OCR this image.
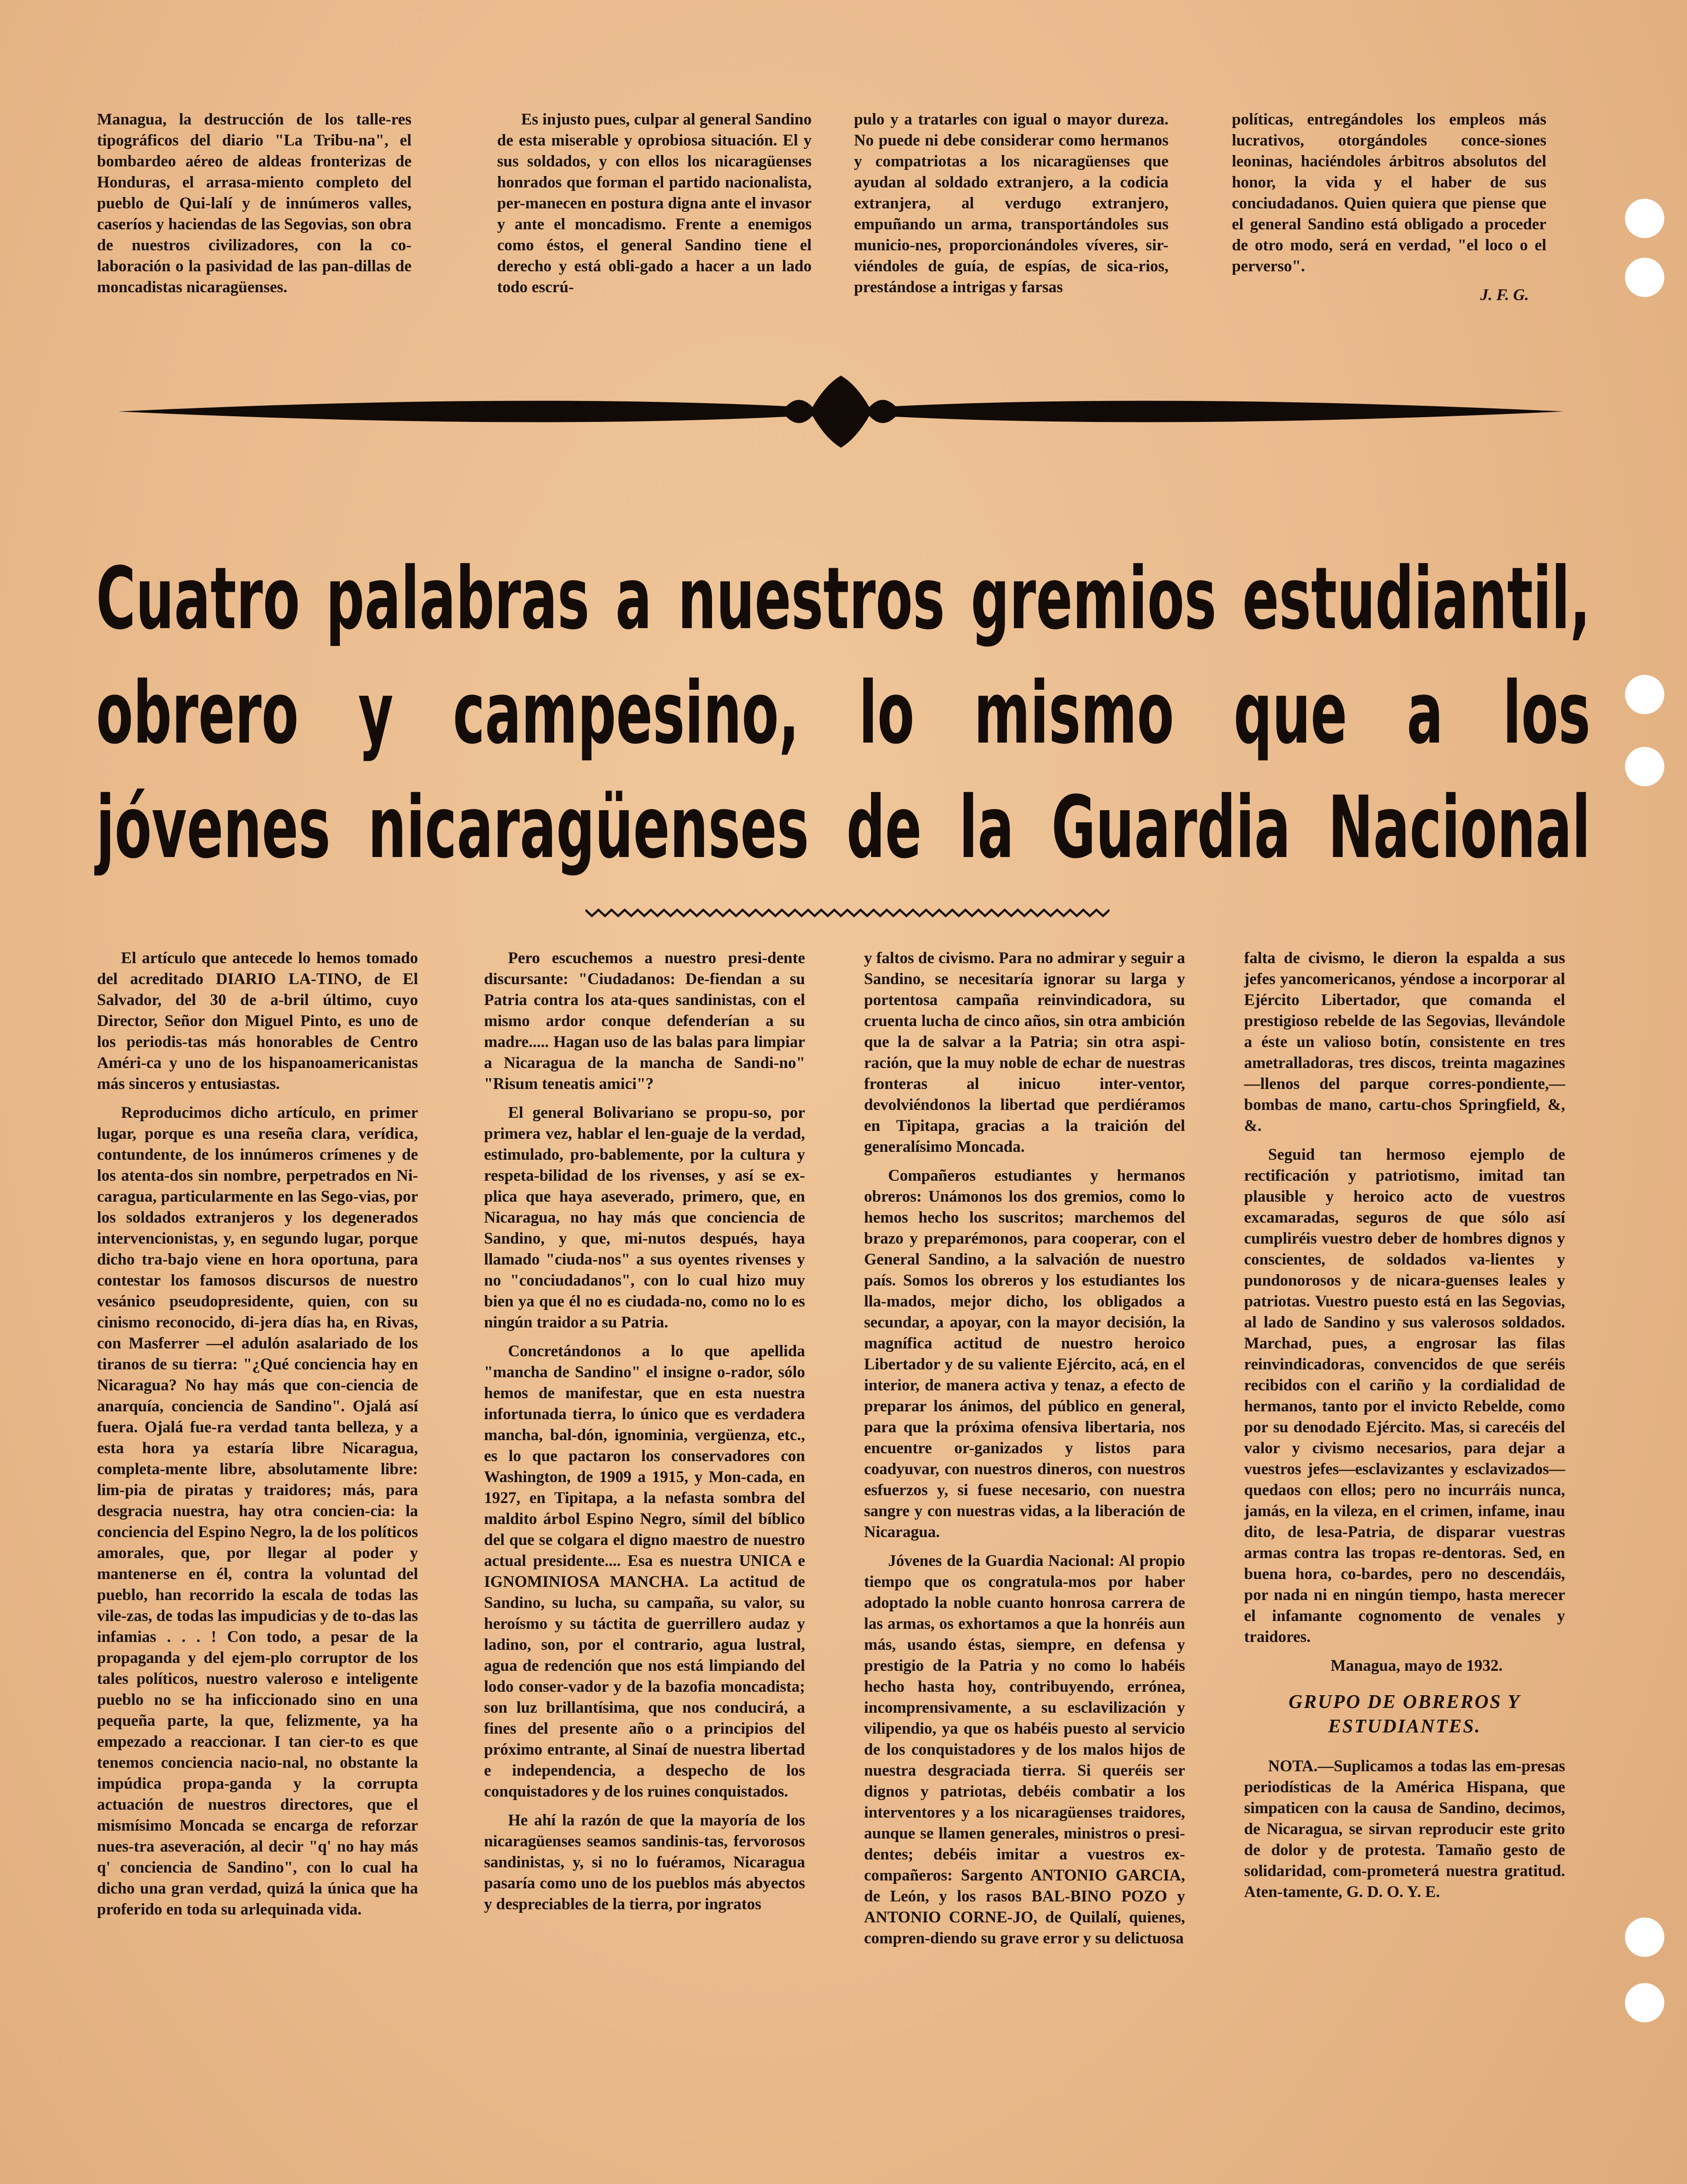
Managua, la destrucción de los talle-res tipográficos del diario "La Tribu-na", el bombardeo aéreo de aldeas fronterizas de Honduras, el arrasa-miento completo del pueblo de Qui-lalí y de innúmeros valles, caseríos y haciendas de las Segovias, son obra de nuestros civilizadores, con la co-laboración o la pasividad de las pan-dillas de moncadistas nicaragüenses.

Es injusto pues, culpar al general Sandino de esta miserable y oprobiosa situación. El y sus soldados, y con ellos los nicaragüenses honrados que forman el partido nacionalista, per-manecen en postura digna ante el invasor y ante el moncadismo. Frente a enemigos como éstos, el general Sandino tiene el derecho y está obli-gado a hacer a un lado todo escrú-

pulo y a tratarles con igual o mayor dureza. No puede ni debe considerar como hermanos y compatriotas a los nicaragüenses que ayudan al soldado extranjero, a la codicia extranjera, al verdugo extranjero, empuñando un arma, transportándoles sus municio-nes, proporcionándoles víveres, sir-viéndoles de guía, de espías, de sica-rios, prestándose a intrigas y farsas

políticas, entregándoles los empleos más lucrativos, otorgándoles conce-siones leoninas, haciéndoles árbitros absolutos del honor, la vida y el haber de sus conciudadanos. Quien quiera que piense que el general Sandino está obligado a proceder de otro modo, será en verdad, "el loco o el perverso".

J. F. G.
Cuatro palabras a nuestros gremios estudiantil,
obrero y campesino, lo mismo que a los
jóvenes nicaragüenses de la Guardia Nacional

El artículo que antecede lo hemos tomado del acreditado DIARIO LA-TINO, de El Salvador, del 30 de a-bril último, cuyo Director, Señor don Miguel Pinto, es uno de los periodis-tas más honorables de Centro Améri-ca y uno de los hispanoamericanistas más sinceros y entusiastas.

Reproducimos dicho artículo, en primer lugar, porque es una reseña clara, verídica, contundente, de los innúmeros crímenes y de los atenta-dos sin nombre, perpetrados en Ni-caragua, particularmente en las Sego-vias, por los soldados extranjeros y los degenerados intervencionistas, y, en segundo lugar, porque dicho tra-bajo viene en hora oportuna, para contestar los famosos discursos de nuestro vesánico pseudopresidente, quien, con su cinismo reconocido, di-jera días ha, en Rivas, con Masferrer —el adulón asalariado de los tiranos de su tierra: "¿Qué conciencia hay en Nicaragua? No hay más que con-ciencia de anarquía, conciencia de Sandino". Ojalá así fuera. Ojalá fue-ra verdad tanta belleza, y a esta hora ya estaría libre Nicaragua, completa-mente libre, absolutamente libre: lim-pia de piratas y traidores; más, para desgracia nuestra, hay otra concien-cia: la conciencia del Espino Negro, la de los políticos amorales, que, por llegar al poder y mantenerse en él, contra la voluntad del pueblo, han recorrido la escala de todas las vile-zas, de todas las impudicias y de to-das las infamias . . . ! Con todo, a pesar de la propaganda y del ejem-plo corruptor de los tales políticos, nuestro valeroso e inteligente pueblo no se ha inficcionado sino en una pequeña parte, la que, felizmente, ya ha empezado a reaccionar. I tan cier-to es que tenemos conciencia nacio-nal, no obstante la impúdica propa-ganda y la corrupta actuación de nuestros directores, que el mismísimo Moncada se encarga de reforzar nues-tra aseveración, al decir "q' no hay más q' conciencia de Sandino", con lo cual ha dicho una gran verdad, quizá la única que ha proferido en toda su arlequinada vida.

Pero escuchemos a nuestro presi-dente discursante: "Ciudadanos: De-fiendan a su Patria contra los ata-ques sandinistas, con el mismo ardor conque defenderían a su madre..... Hagan uso de las balas para limpiar a Nicaragua de la mancha de Sandi-no" "Risum teneatis amici"?

El general Bolivariano se propu-so, por primera vez, hablar el len-guaje de la verdad, estimulado, pro-bablemente, por la cultura y respeta-bilidad de los rivenses, y así se ex-plica que haya aseverado, primero, que, en Nicaragua, no hay más que conciencia de Sandino, y que, mi-nutos después, haya llamado "ciuda-nos" a sus oyentes rivenses y no "conciudadanos", con lo cual hizo muy bien ya que él no es ciudada-no, como no lo es ningún traidor a su Patria.

Concretándonos a lo que apellida "mancha de Sandino" el insigne o-rador, sólo hemos de manifestar, que en esta nuestra infortunada tierra, lo único que es verdadera mancha, bal-dón, ignominia, vergüenza, etc., es lo que pactaron los conservadores con Washington, de 1909 a 1915, y Mon-cada, en 1927, en Tipitapa, a la nefasta sombra del maldito árbol Espino Negro, símil del bíblico del que se colgara el digno maestro de nuestro actual presidente.... Esa es nuestra UNICA e IGNOMINIOSA MANCHA. La actitud de Sandino, su lucha, su campaña, su valor, su heroísmo y su táctita de guerrillero audaz y ladino, son, por el contrario, agua lustral, agua de redención que nos está limpiando del lodo conser-vador y de la bazofia moncadista; son luz brillantísima, que nos conducirá, a fines del presente año o a principios del próximo entrante, al Sinaí de nuestra libertad e independencia, a despecho de los conquistadores y de los ruines conquistados.

He ahí la razón de que la mayoría de los nicaragüenses seamos sandinis-tas, fervorosos sandinistas, y, si no lo fuéramos, Nicaragua pasaría como uno de los pueblos más abyectos y despreciables de la tierra, por ingratos

y faltos de civismo. Para no admirar y seguir a Sandino, se necesitaría ignorar su larga y portentosa campaña reinvindicadora, su cruenta lucha de cinco años, sin otra ambición que la de salvar a la Patria; sin otra aspi-ración, que la muy noble de echar de nuestras fronteras al inicuo inter-ventor, devolviéndonos la libertad que perdiéramos en Tipitapa, gracias a la traición del generalísimo Moncada.

Compañeros estudiantes y hermanos obreros: Unámonos los dos gremios, como lo hemos hecho los suscritos; marchemos del brazo y preparémonos, para cooperar, con el General Sandino, a la salvación de nuestro país. Somos los obreros y los estudiantes los lla-mados, mejor dicho, los obligados a secundar, a apoyar, con la mayor decisión, la magnífica actitud de nuestro heroico Libertador y de su valiente Ejército, acá, en el interior, de manera activa y tenaz, a efecto de preparar los ánimos, del público en general, para que la próxima ofensiva libertaria, nos encuentre or-ganizados y listos para coadyuvar, con nuestros dineros, con nuestros esfuerzos y, si fuese necesario, con nuestra sangre y con nuestras vidas, a la liberación de Nicaragua.

Jóvenes de la Guardia Nacional: Al propio tiempo que os congratula-mos por haber adoptado la noble cuanto honrosa carrera de las armas, os exhortamos a que la honréis aun más, usando éstas, siempre, en defensa y prestigio de la Patria y no como lo habéis hecho hasta hoy, contribuyendo, errónea, incomprensivamente, a su esclavilización y vilipendio, ya que os habéis puesto al servicio de los conquistadores y de los malos hijos de nuestra desgraciada tierra. Si queréis ser dignos y patriotas, debéis combatir a los interventores y a los nicaragüenses traidores, aunque se llamen generales, ministros o presi-dentes; debéis imitar a vuestros ex-compañeros: Sargento ANTONIO GARCIA, de León, y los rasos BAL-BINO POZO y ANTONIO CORNE-JO, de Quilalí, quienes, compren-diendo su grave error y su delictuosa

falta de civismo, le dieron la espalda a sus jefes yancomericanos, yéndose a incorporar al Ejército Libertador, que comanda el prestigioso rebelde de las Segovias, llevándole a éste un valioso botín, consistente en tres ametralladoras, tres discos, treinta magazines—llenos del parque corres-pondiente,—bombas de mano, cartu-chos Springfield, &, &.

Seguid tan hermoso ejemplo de rectificación y patriotismo, imitad tan plausible y heroico acto de vuestros excamaradas, seguros de que sólo así cumpliréis vuestro deber de hombres dignos y conscientes, de soldados va-lientes y pundonorosos y de nicara-guenses leales y patriotas. Vuestro puesto está en las Segovias, al lado de Sandino y sus valerosos soldados. Marchad, pues, a engrosar las filas reinvindicadoras, convencidos de que seréis recibidos con el cariño y la cordialidad de hermanos, tanto por el invicto Rebelde, como por su denodado Ejército. Mas, si carecéis del valor y civismo necesarios, para dejar a vuestros jefes—esclavizantes y esclavizados—quedaos con ellos; pero no incurráis nunca, jamás, en la vileza, en el crimen, infame, inau dito, de lesa-Patria, de disparar vuestras armas contra las tropas re-dentoras. Sed, en buena hora, co-bardes, pero no descendáis, por nada ni en ningún tiempo, hasta merecer el infamante cognomento de venales y traidores.

Managua, mayo de 1932.

GRUPO DE OBREROS Y ESTUDIANTES.

NOTA.—Suplicamos a todas las em-presas periodísticas de la América Hispana, que simpaticen con la causa de Sandino, decimos, de Nicaragua, se sirvan reproducir este grito de dolor y de protesta. Tamaño gesto de solidaridad, com-prometerá nuestra gratitud. Aten-tamente, G. D. O. Y. E.
